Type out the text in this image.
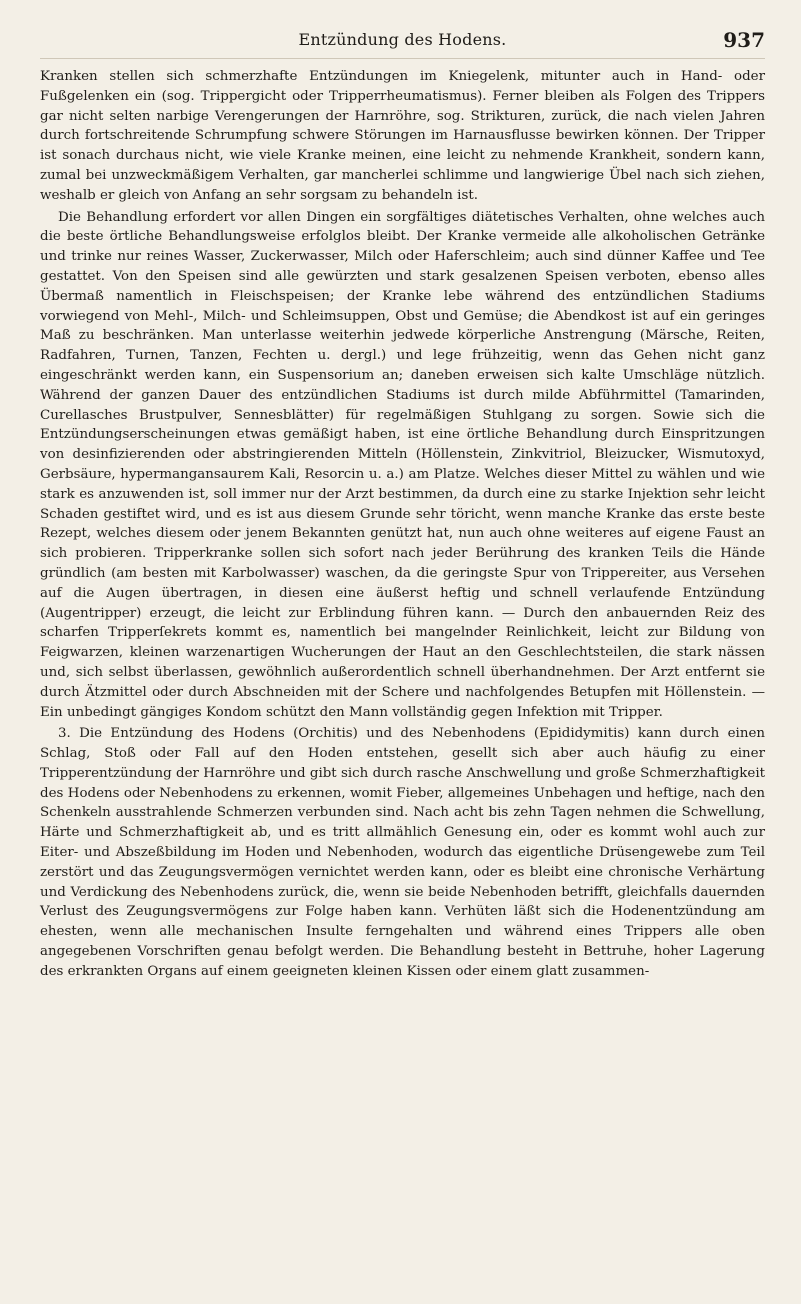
Entzündung des Hodens.	937

Kranken stellen sich schmerzhafte Entzündungen im Kniegelenk, mitunter auch in Hand- oder Fußgelenken ein (sog. Trippergicht oder Tripperrheumatismus). Ferner bleiben als Folgen des Trippers gar nicht selten narbige Verengerungen der Harnröhre, sog. Strikturen, zurück, die nach vielen Jahren durch fortschreitende Schrumpfung schwere Störungen im Harnausflusse bewirken können. Der Tripper ist sonach durchaus nicht, wie viele Kranke meinen, eine leicht zu nehmende Krankheit, sondern kann, zumal bei unzweckmäßigem Verhalten, gar mancherlei schlimme und langwierige Übel nach sich ziehen, weshalb er gleich von Anfang an sehr sorgsam zu behandeln ist.

Die Behandlung erfordert vor allen Dingen ein sorgfältiges diätetisches Verhalten, ohne welches auch die beste örtliche Behandlungsweise erfolglos bleibt. Der Kranke vermeide alle alkoholischen Getränke und trinke nur reines Wasser, Zuckerwasser, Milch oder Haferschleim; auch sind dünner Kaffee und Tee gestattet. Von den Speisen sind alle gewürzten und stark gesalzenen Speisen verboten, ebenso alles Übermaß namentlich in Fleischspeisen; der Kranke lebe während des entzündlichen Stadiums vorwiegend von Mehl-, Milch- und Schleimsuppen, Obst und Gemüse; die Abendkost ist auf ein geringes Maß zu beschränken. Man unterlasse weiterhin jedwede körperliche Anstrengung (Märsche, Reiten, Radfahren, Turnen, Tanzen, Fechten u. dergl.) und lege frühzeitig, wenn das Gehen nicht ganz eingeschränkt werden kann, ein Suspensorium an; daneben erweisen sich kalte Umschläge nützlich. Während der ganzen Dauer des entzündlichen Stadiums ist durch milde Abführmittel (Tamarinden, Curellasches Brustpulver, Sennesblätter) für regelmäßigen Stuhlgang zu sorgen. Sowie sich die Entzündungserscheinungen etwas gemäßigt haben, ist eine örtliche Behandlung durch Einspritzungen von desinfizierenden oder abstringierenden Mitteln (Höllenstein, Zinkvitriol, Bleizucker, Wismutoxyd, Gerbsäure, hypermangansaurem Kali, Resorcin u. a.) am Platze. Welches dieser Mittel zu wählen und wie stark es anzuwenden ist, soll immer nur der Arzt bestimmen, da durch eine zu starke Injektion sehr leicht Schaden gestiftet wird, und es ist aus diesem Grunde sehr töricht, wenn manche Kranke das erste beste Rezept, welches diesem oder jenem Bekannten genützt hat, nun auch ohne weiteres auf eigene Faust an sich probieren. Tripperkranke sollen sich sofort nach jeder Berührung des kranken Teils die Hände gründlich (am besten mit Karbolwasser) waschen, da die geringste Spur von Trippereiter, aus Versehen auf die Augen übertragen, in diesen eine äußerst heftig und schnell verlaufende Entzündung (Augentripper) erzeugt, die leicht zur Erblindung führen kann. — Durch den anbauernden Reiz des scharfen Tripperſekrets kommt es, namentlich bei mangelnder Reinlichkeit, leicht zur Bildung von Feigwarzen, kleinen warzenartigen Wucherungen der Haut an den Geschlechtsteilen, die stark nässen und, sich selbst überlassen, gewöhnlich außerordentlich schnell überhandnehmen. Der Arzt entfernt sie durch Ätzmittel oder durch Abschneiden mit der Schere und nachfolgendes Betupfen mit Höllenstein. — Ein unbedingt gängiges Kondom schützt den Mann vollständig gegen Infektion mit Tripper.

3. Die Entzündung des Hodens (Orchitis) und des Nebenhodens (Epididymitis) kann durch einen Schlag, Stoß oder Fall auf den Hoden entstehen, gesellt sich aber auch häufig zu einer Tripperentzündung der Harnröhre und gibt sich durch rasche Anschwellung und große Schmerzhaftigkeit des Hodens oder Nebenhodens zu erkennen, womit Fieber, allgemeines Unbehagen und heftige, nach den Schenkeln ausstrahlende Schmerzen verbunden sind. Nach acht bis zehn Tagen nehmen die Schwellung, Härte und Schmerzhaftigkeit ab, und es tritt allmählich Genesung ein, oder es kommt wohl auch zur Eiter- und Abszeßbildung im Hoden und Nebenhoden, wodurch das eigentliche Drüsengewebe zum Teil zerstört und das Zeugungsvermögen vernichtet werden kann, oder es bleibt eine chronische Verhärtung und Verdickung des Nebenhodens zurück, die, wenn sie beide Nebenhoden betrifft, gleichfalls dauernden Verlust des Zeugungsvermögens zur Folge haben kann. Verhüten läßt sich die Hodenentzündung am ehesten, wenn alle mechanischen Insulte ferngehalten und während eines Trippers alle oben angegebenen Vorschriften genau befolgt werden. Die Behandlung besteht in Bettruhe, hoher Lagerung des erkrankten Organs auf einem geeigneten kleinen Kissen oder einem glatt zusammen-
